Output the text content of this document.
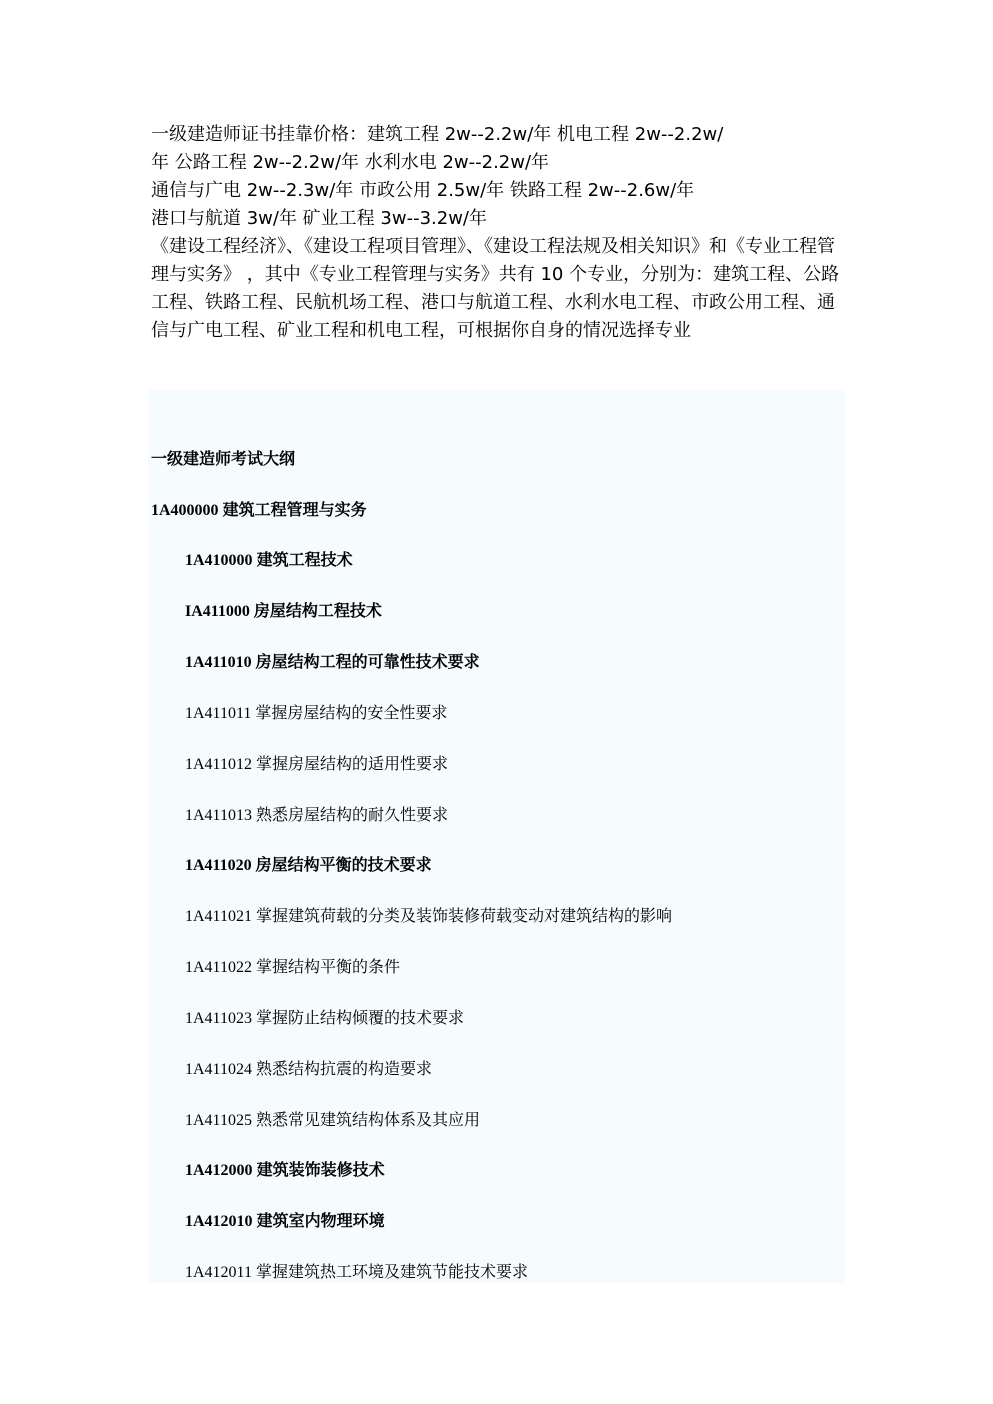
一级建造师证书挂靠价格：建筑工程 2w--2.2w/年 机电工程 2w--2.2w/
年 公路工程 2w--2.2w/年 水利水电 2w--2.2w/年
通信与广电 2w--2.3w/年 市政公用 2.5w/年 铁路工程 2w--2.6w/年
港口与航道 3w/年 矿业工程 3w--3.2w/年
《建设工程经济》、《建设工程项目管理》、《建设工程法规及相关知识》和《专业工程管理与实务》 ，其中《专业工程管理与实务》共有 10 个专业，分别为：建筑工程、公路工程、铁路工程、民航机场工程、港口与航道工程、水利水电工程、市政公用工程、通信与广电工程、矿业工程和机电工程，可根据你自身的情况选择专业
一级建造师考试大纲
1A400000 建筑工程管理与实务
1A410000 建筑工程技术
IA411000 房屋结构工程技术
1A411010 房屋结构工程的可靠性技术要求
1A411011 掌握房屋结构的安全性要求
1A411012 掌握房屋结构的适用性要求
1A411013 熟悉房屋结构的耐久性要求
1A411020 房屋结构平衡的技术要求
1A411021 掌握建筑荷载的分类及装饰装修荷载变动对建筑结构的影响
1A411022 掌握结构平衡的条件
1A411023 掌握防止结构倾覆的技术要求
1A411024 熟悉结构抗震的构造要求
1A411025 熟悉常见建筑结构体系及其应用
1A412000 建筑装饰装修技术
1A412010 建筑室内物理环境
1A412011 掌握建筑热工环境及建筑节能技术要求
